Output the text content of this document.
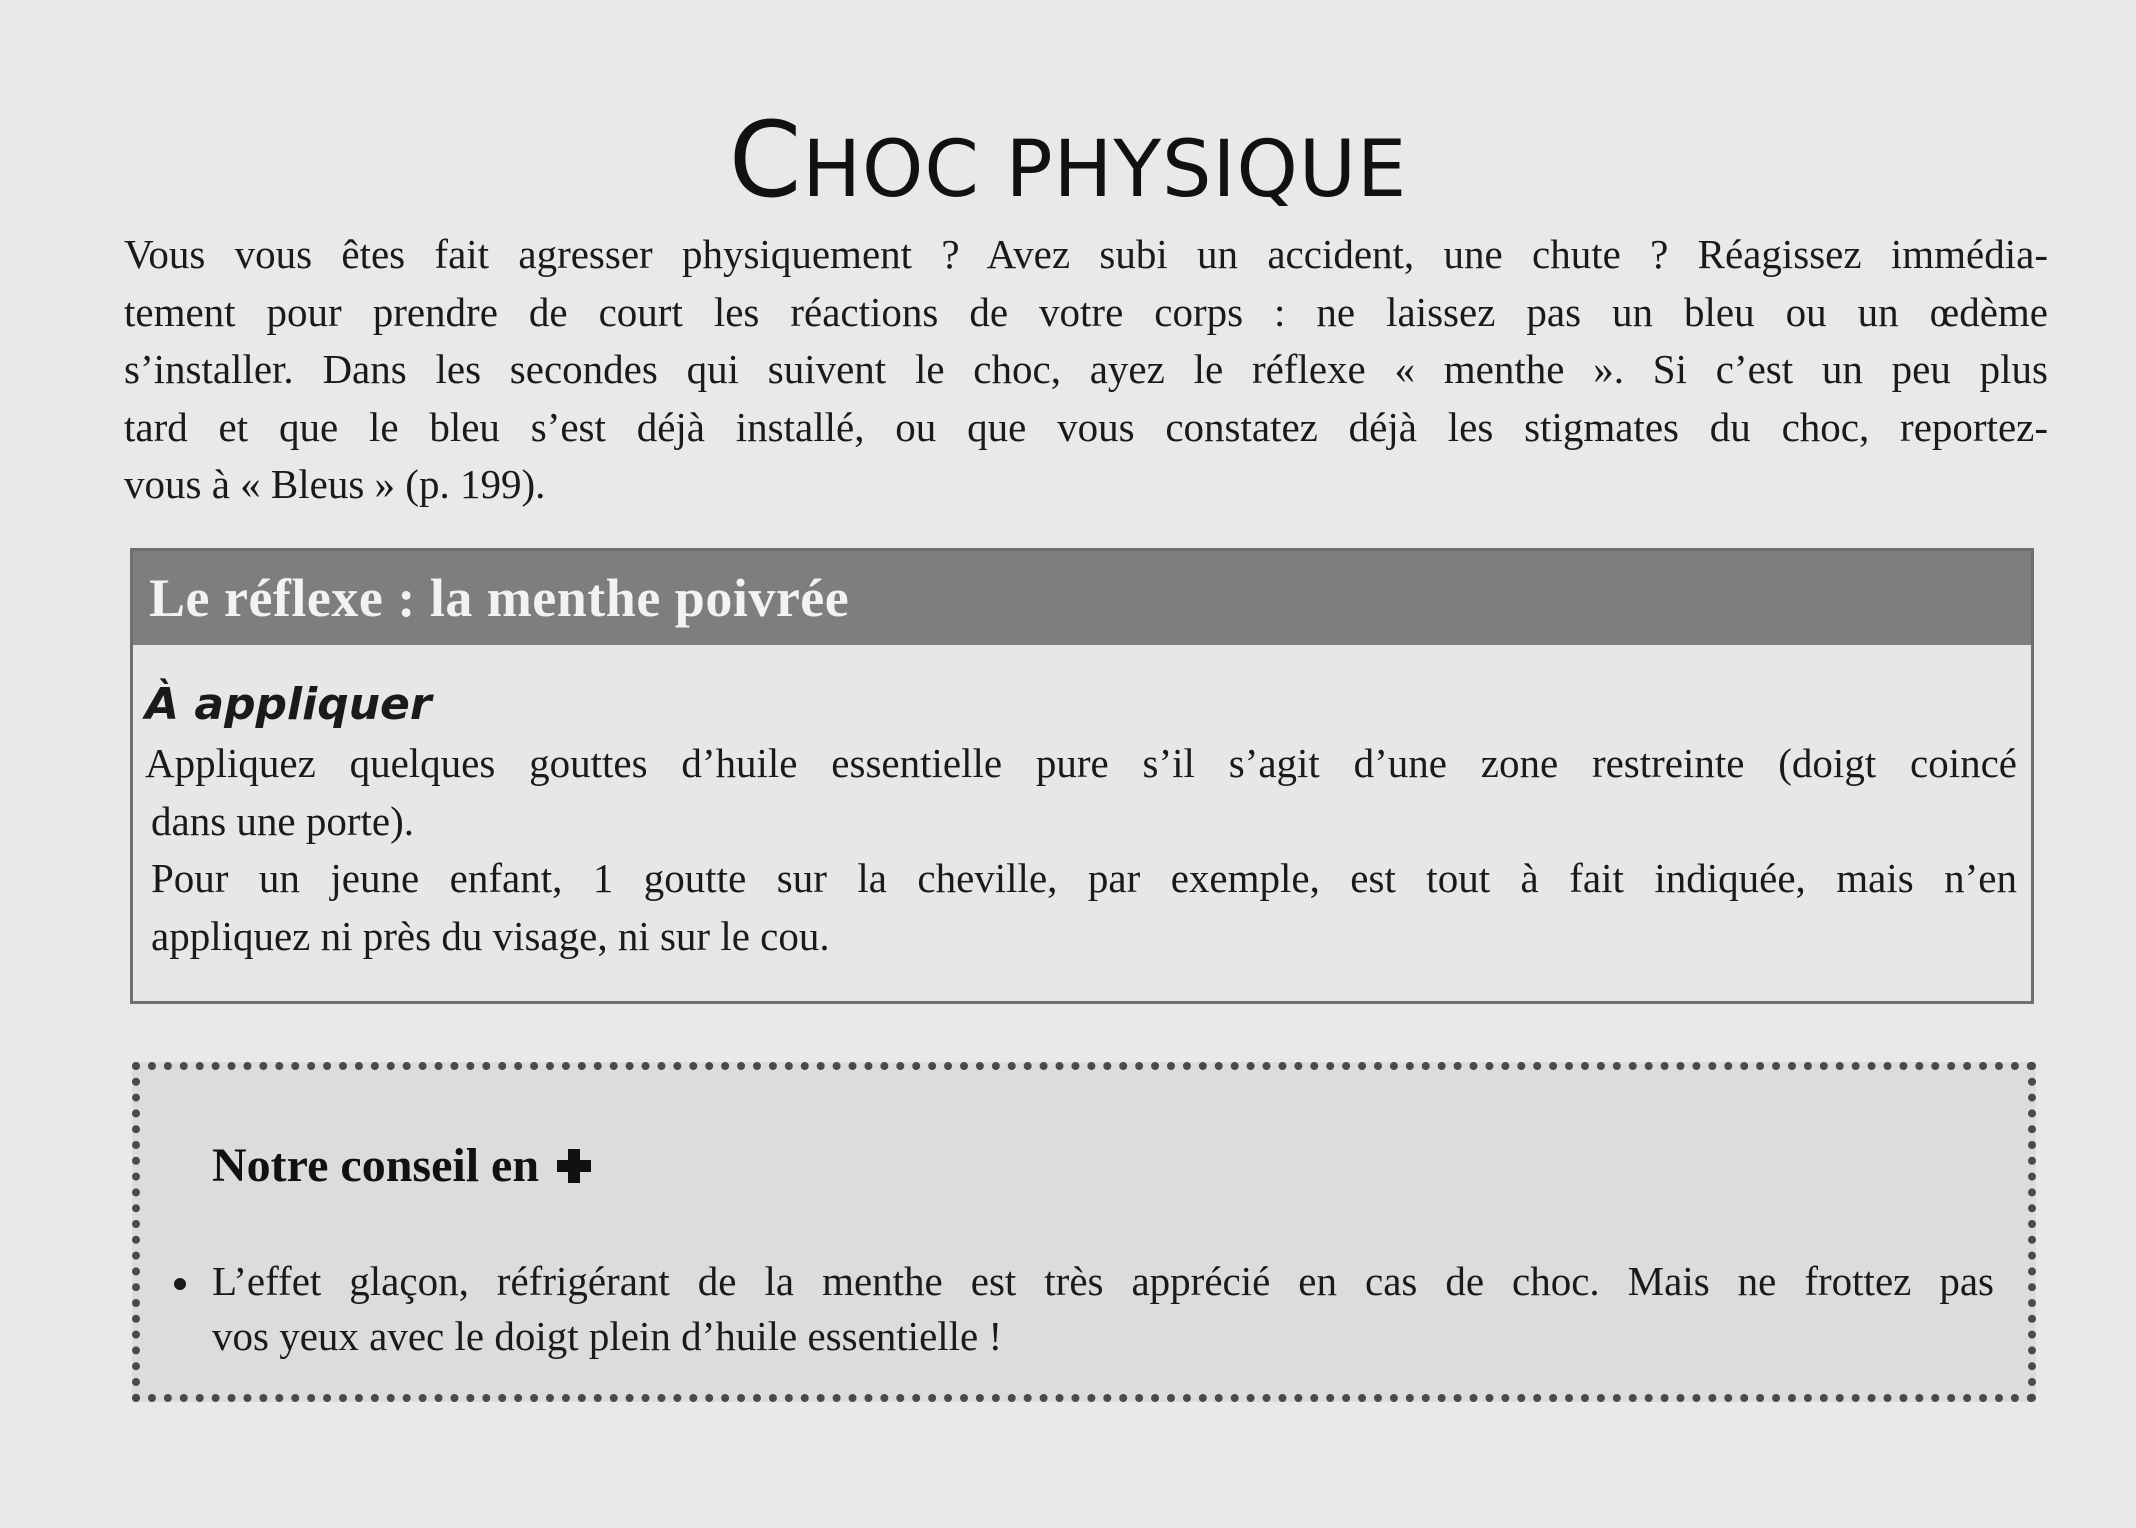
CHOC PHYSIQUE

Vous vous êtes fait agresser physiquement ? Avez subi un accident, une chute ? Réagissez immédia-
tement pour prendre de court les réactions de votre corps : ne laissez pas un bleu ou un œdème
s’installer. Dans les secondes qui suivent le choc, ayez le réflexe « menthe ». Si c’est un peu plus
tard et que le bleu s’est déjà installé, ou que vous constatez déjà les stigmates du choc, reportez-
vous à « Bleus » (p. 199).

Le réflexe : la menthe poivrée
À appliquer
Appliquez quelques gouttes d’huile essentielle pure s’il s’agit d’une zone restreinte (doigt coincé
dans une porte).
Pour un jeune enfant, 1 goutte sur la cheville, par exemple, est tout à fait indiquée, mais n’en
appliquez ni près du visage, ni sur le cou.
Notre conseil en
L’effet glaçon, réfrigérant de la menthe est très apprécié en cas de choc. Mais ne frottez pas
vos yeux avec le doigt plein d’huile essentielle !
